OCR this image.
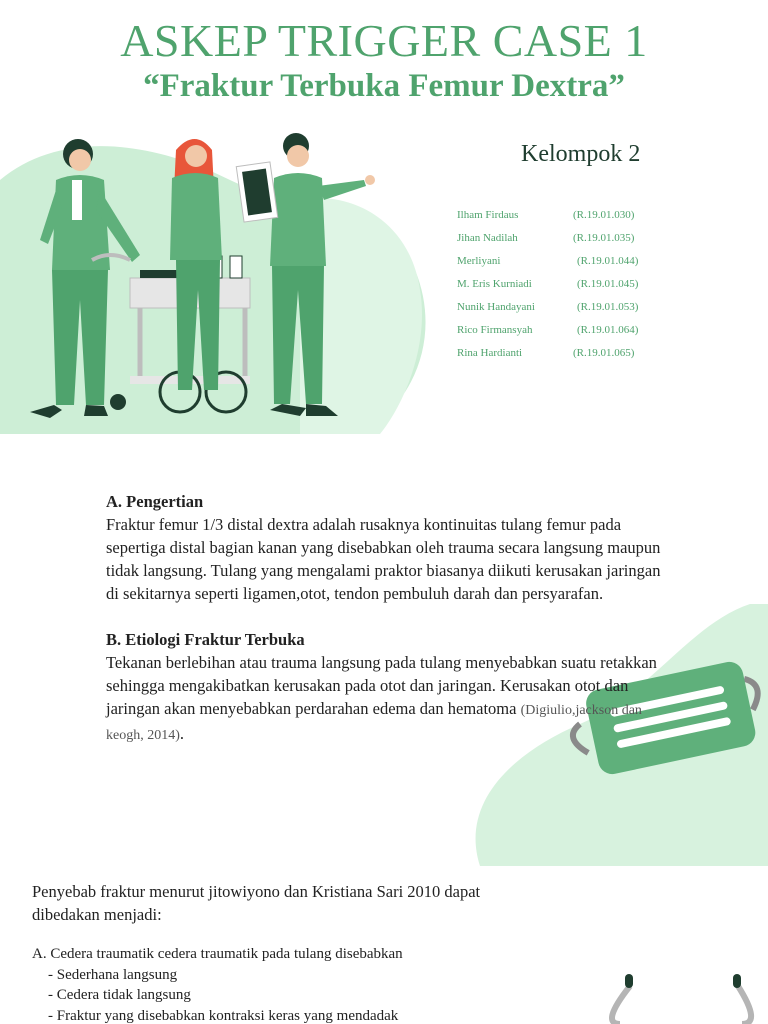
ASKEP TRIGGER CASE 1
“Fraktur Terbuka Femur Dextra”
Kelompok 2
Ilham Firdaus	(R.19.01.030)
Jihan Nadilah	(R.19.01.035)
Merliyani	(R.19.01.044)
M. Eris Kurniadi	(R.19.01.045)
Nunik Handayani	(R.19.01.053)
Rico Firmansyah	(R.19.01.064)
Rina Hardianti	(R.19.01.065)

A. Pengertian

Fraktur femur 1/3 distal dextra adalah rusaknya kontinuitas tulang femur pada sepertiga distal bagian kanan yang disebabkan oleh trauma secara langsung maupun tidak langsung. Tulang yang mengalami praktor biasanya diikuti kerusakan jaringan di sekitarnya seperti ligamen,otot, tendon pembuluh darah dan persyarafan.

B. Etiologi Fraktur Terbuka

Tekanan berlebihan atau trauma langsung pada tulang menyebabkan suatu retakkan sehingga mengakibatkan kerusakan pada otot dan jaringan. Kerusakan otot dan jaringan akan menyebabkan perdarahan edema dan hematoma (Digiulio,jackson dan keogh, 2014).

Penyebab fraktur menurut jitowiyono dan Kristiana Sari 2010 dapat dibedakan menjadi:

A. Cedera traumatik cedera traumatik pada tulang disebabkan
- Sederhana langsung
- Cedera tidak langsung
- Fraktur yang disebabkan kontraksi keras yang mendadak
